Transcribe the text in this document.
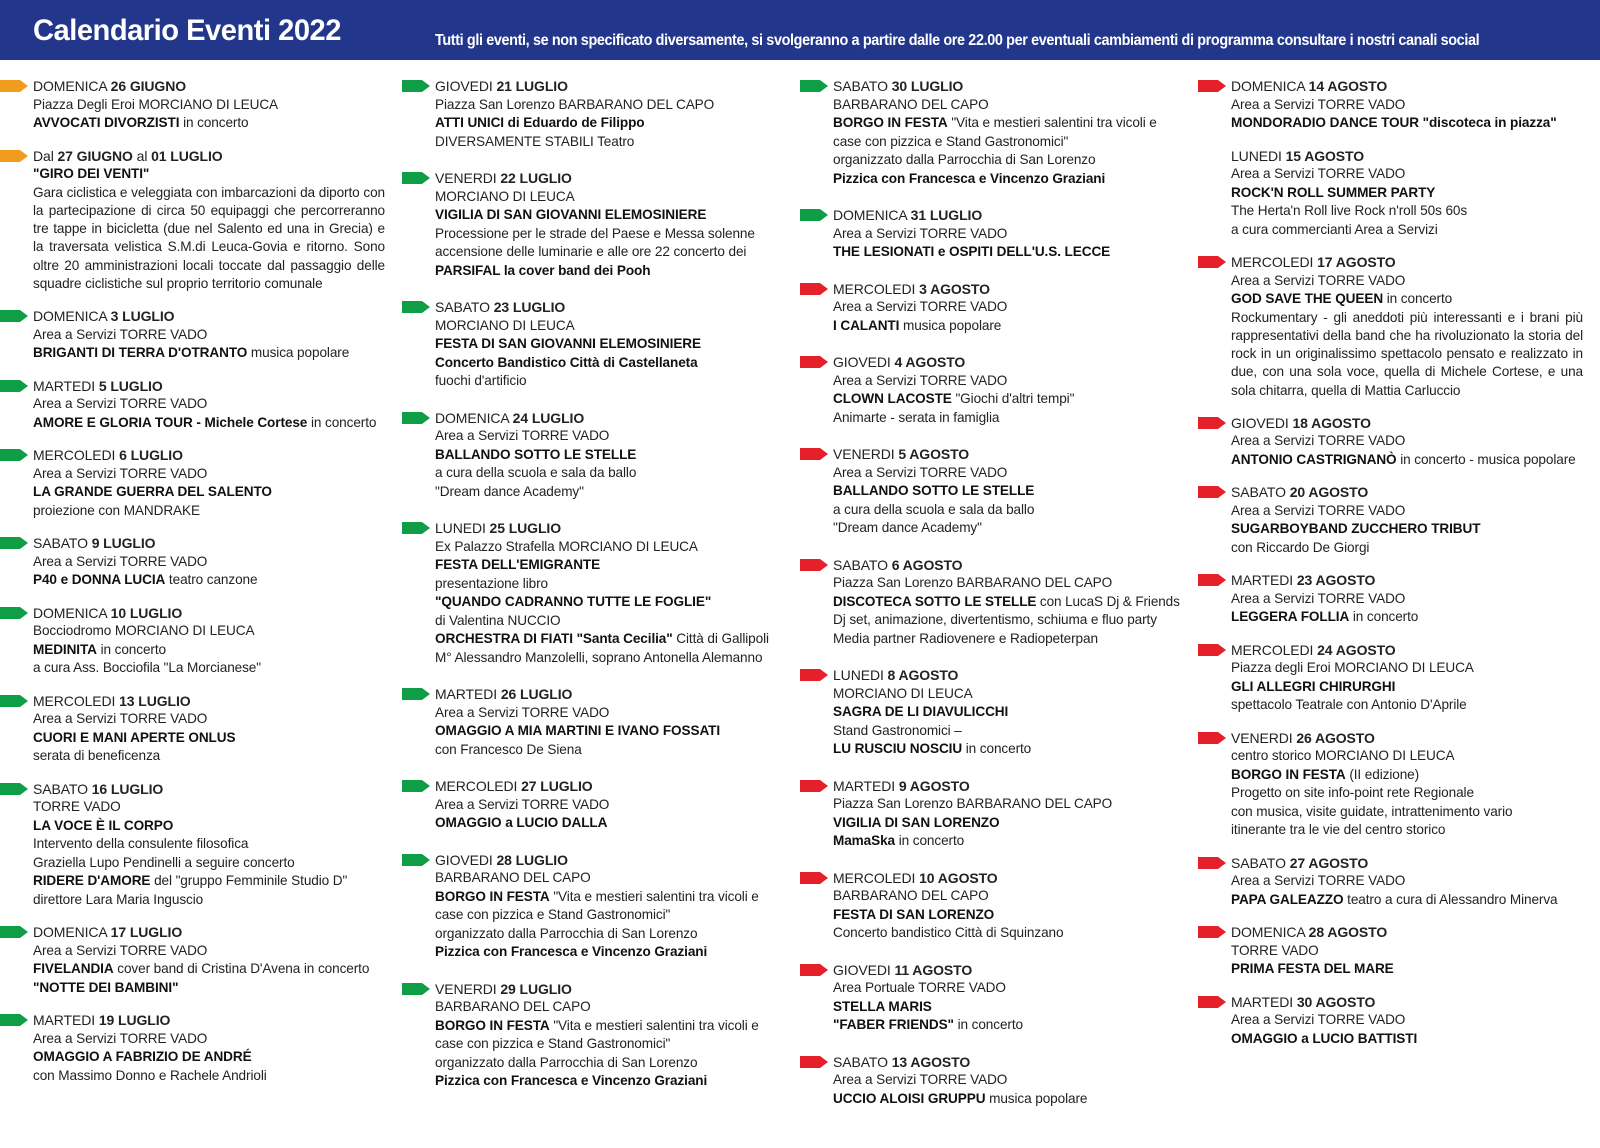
Calendario Eventi 2022	Tutti gli eventi, se non specificato diversamente, si svolgeranno a partire dalle ore 22.00 per eventuali cambiamenti di programma consultare i nostri canali social
DOMENICA 26 GIUGNO
Piazza Degli Eroi MORCIANO DI LEUCA
AVVOCATI DIVORZISTI in concerto
Dal 27 GIUGNO al 01 LUGLIO
"GIRO DEI VENTI"
Gara ciclistica e veleggiata con imbarcazioni da diporto con la partecipazione di circa 50 equipaggi che percorreranno tre tappe in bicicletta (due nel Salento ed una in Grecia) e la traversata velistica S.M.di Leuca-Govia e ritorno. Sono oltre 20 amministrazioni locali toccate dal passaggio delle squadre ciclistiche sul proprio territorio comunale
DOMENICA 3 LUGLIO
Area a Servizi TORRE VADO
BRIGANTI DI TERRA D'OTRANTO musica popolare
MARTEDI 5 LUGLIO
Area a Servizi TORRE VADO
AMORE E GLORIA TOUR - Michele Cortese in concerto
MERCOLEDI 6 LUGLIO
Area a Servizi TORRE VADO
LA GRANDE GUERRA DEL SALENTO
proiezione con MANDRAKE
SABATO 9 LUGLIO
Area a Servizi TORRE VADO
P40 e DONNA LUCIA teatro canzone
DOMENICA 10 LUGLIO
Bocciodromo MORCIANO DI LEUCA
MEDINITA in concerto
a cura Ass. Bocciofila "La Morcianese"
MERCOLEDI 13 LUGLIO
Area a Servizi TORRE VADO
CUORI E MANI APERTE ONLUS
serata di beneficenza
SABATO 16 LUGLIO
TORRE VADO
LA VOCE È IL CORPO
Intervento della consulente filosofica
Graziella Lupo Pendinelli a seguire concerto
RIDERE D'AMORE del "gruppo Femminile Studio D"
direttore Lara Maria Inguscio
DOMENICA 17 LUGLIO
Area a Servizi TORRE VADO
FIVELANDIA cover band di Cristina D'Avena in concerto
"NOTTE DEI BAMBINI"
MARTEDI 19 LUGLIO
Area a Servizi TORRE VADO
OMAGGIO A FABRIZIO DE ANDRÉ
con Massimo Donno e Rachele Andrioli
GIOVEDI 21 LUGLIO
Piazza San Lorenzo BARBARANO DEL CAPO
ATTI UNICI di Eduardo de Filippo
DIVERSAMENTE STABILI Teatro
VENERDI 22 LUGLIO
MORCIANO DI LEUCA
VIGILIA DI SAN GIOVANNI ELEMOSINIERE
Processione per le strade del Paese e Messa solenne
accensione delle luminarie e alle ore 22 concerto dei
PARSIFAL la cover band dei Pooh
SABATO 23 LUGLIO
MORCIANO DI LEUCA
FESTA DI SAN GIOVANNI ELEMOSINIERE
Concerto Bandistico Città di Castellaneta
fuochi d'artificio
DOMENICA 24 LUGLIO
Area a Servizi TORRE VADO
BALLANDO SOTTO LE STELLE
a cura della scuola e sala da ballo
"Dream dance Academy"
LUNEDI 25 LUGLIO
Ex Palazzo Strafella MORCIANO DI LEUCA
FESTA DELL'EMIGRANTE
presentazione libro
"QUANDO CADRANNO TUTTE LE FOGLIE"
di Valentina NUCCIO
ORCHESTRA DI FIATI "Santa Cecilia" Città di Gallipoli
M° Alessandro Manzolelli, soprano Antonella Alemanno
MARTEDI 26 LUGLIO
Area a Servizi TORRE VADO
OMAGGIO A MIA MARTINI E IVANO FOSSATI
con Francesco De Siena
MERCOLEDI 27 LUGLIO
Area a Servizi TORRE VADO
OMAGGIO a LUCIO DALLA
GIOVEDI 28 LUGLIO
BARBARANO DEL CAPO
BORGO IN FESTA "Vita e mestieri salentini tra vicoli e
case con pizzica e Stand Gastronomici"
organizzato dalla Parrocchia di San Lorenzo
Pizzica con Francesca e Vincenzo Graziani
VENERDI 29 LUGLIO
BARBARANO DEL CAPO
BORGO IN FESTA "Vita e mestieri salentini tra vicoli e
case con pizzica e Stand Gastronomici"
organizzato dalla Parrocchia di San Lorenzo
Pizzica con Francesca e Vincenzo Graziani
SABATO 30 LUGLIO
BARBARANO DEL CAPO
BORGO IN FESTA "Vita e mestieri salentini tra vicoli e
case con pizzica e Stand Gastronomici"
organizzato dalla Parrocchia di San Lorenzo
Pizzica con Francesca e Vincenzo Graziani
DOMENICA 31 LUGLIO
Area a Servizi TORRE VADO
THE LESIONATI e OSPITI DELL'U.S. LECCE
MERCOLEDI 3 AGOSTO
Area a Servizi TORRE VADO
I CALANTI musica popolare
GIOVEDI 4 AGOSTO
Area a Servizi TORRE VADO
CLOWN LACOSTE "Giochi d'altri tempi"
Animarte - serata in famiglia
VENERDI 5 AGOSTO
Area a Servizi TORRE VADO
BALLANDO SOTTO LE STELLE
a cura della scuola e sala da ballo
"Dream dance Academy"
SABATO 6 AGOSTO
Piazza San Lorenzo BARBARANO DEL CAPO
DISCOTECA SOTTO LE STELLE con LucaS Dj & Friends
Dj set, animazione, divertentismo, schiuma e fluo party
Media partner Radiovenere e Radiopeterpan
LUNEDI 8 AGOSTO
MORCIANO DI LEUCA
SAGRA DE LI DIAVULICCHI
Stand Gastronomici –
LU RUSCIU NOSCIU in concerto
MARTEDI 9 AGOSTO
Piazza San Lorenzo BARBARANO DEL CAPO
VIGILIA DI SAN LORENZO
MamaSka in concerto
MERCOLEDI 10 AGOSTO
BARBARANO DEL CAPO
FESTA DI SAN LORENZO
Concerto bandistico Città di Squinzano
GIOVEDI 11 AGOSTO
Area Portuale TORRE VADO
STELLA MARIS
"FABER FRIENDS" in concerto
SABATO 13 AGOSTO
Area a Servizi TORRE VADO
UCCIO ALOISI GRUPPU musica popolare
DOMENICA 14 AGOSTO
Area a Servizi TORRE VADO
MONDORADIO DANCE TOUR "discoteca in piazza"
LUNEDI 15 AGOSTO
Area a Servizi TORRE VADO
ROCK'N ROLL SUMMER PARTY
The Herta'n Roll live Rock n'roll 50s 60s
a cura commercianti Area a Servizi
MERCOLEDI 17 AGOSTO
Area a Servizi TORRE VADO
GOD SAVE THE QUEEN in concerto
Rockumentary - gli aneddoti più interessanti e i brani più rappresentativi della band che ha rivoluzionato la storia del rock in un originalissimo spettacolo pensato e realizzato in due, con una sola voce, quella di Michele Cortese, e una sola chitarra, quella di Mattia Carluccio
GIOVEDI 18 AGOSTO
Area a Servizi TORRE VADO
ANTONIO CASTRIGNANÒ in concerto - musica popolare
SABATO 20 AGOSTO
Area a Servizi TORRE VADO
SUGARBOYBAND ZUCCHERO TRIBUT
con Riccardo De Giorgi
MARTEDI 23 AGOSTO
Area a Servizi TORRE VADO
LEGGERA FOLLIA in concerto
MERCOLEDI 24 AGOSTO
Piazza degli Eroi MORCIANO DI LEUCA
GLI ALLEGRI CHIRURGHI
spettacolo Teatrale con Antonio D'Aprile
VENERDI 26 AGOSTO
centro storico MORCIANO DI LEUCA
BORGO IN FESTA (II edizione)
Progetto on site info-point rete Regionale
con musica, visite guidate, intrattenimento vario
itinerante tra le vie del centro storico
SABATO 27 AGOSTO
Area a Servizi TORRE VADO
PAPA GALEAZZO teatro a cura di Alessandro Minerva
DOMENICA 28 AGOSTO
TORRE VADO
PRIMA FESTA DEL MARE
MARTEDI 30 AGOSTO
Area a Servizi TORRE VADO
OMAGGIO a LUCIO BATTISTI
